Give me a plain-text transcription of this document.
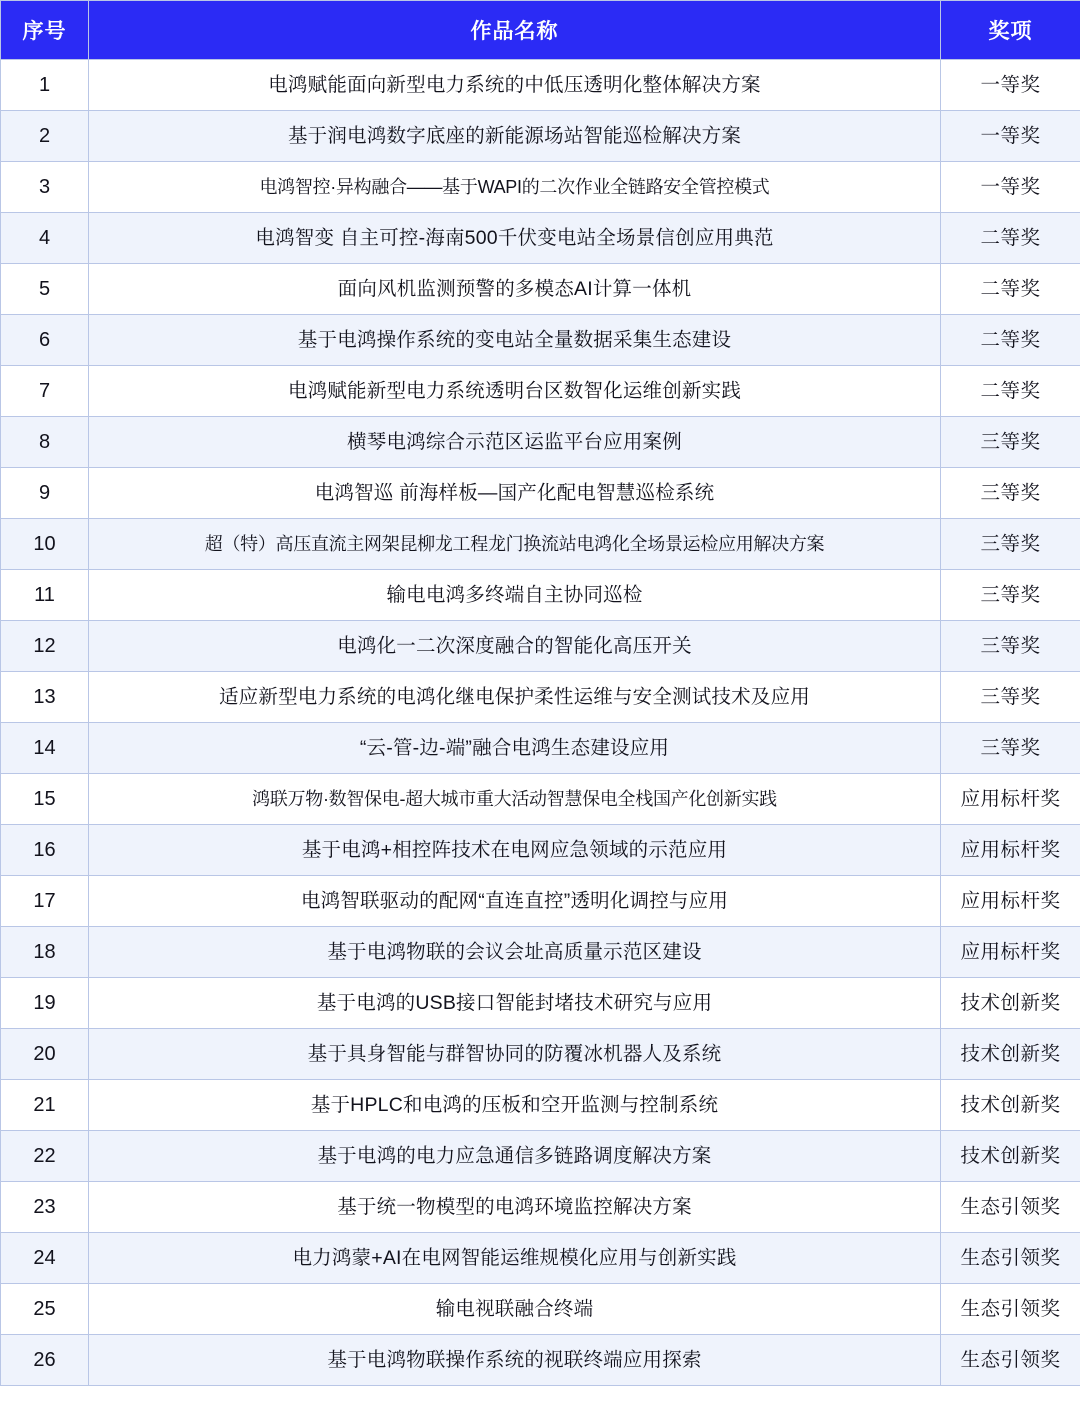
序号	作品名称	奖项
1	电鸿赋能面向新型电力系统的中低压透明化整体解决方案	一等奖
2	基于润电鸿数字底座的新能源场站智能巡检解决方案	一等奖
3	电鸿智控·异构融合——基于WAPI的二次作业全链路安全管控模式	一等奖
4	电鸿智变 自主可控-海南500千伏变电站全场景信创应用典范	二等奖
5	面向风机监测预警的多模态AI计算一体机	二等奖
6	基于电鸿操作系统的变电站全量数据采集生态建设	二等奖
7	电鸿赋能新型电力系统透明台区数智化运维创新实践	二等奖
8	横琴电鸿综合示范区运监平台应用案例	三等奖
9	电鸿智巡 前海样板—国产化配电智慧巡检系统	三等奖
10	超（特）高压直流主网架昆柳龙工程龙门换流站电鸿化全场景运检应用解决方案	三等奖
11	输电电鸿多终端自主协同巡检	三等奖
12	电鸿化一二次深度融合的智能化高压开关	三等奖
13	适应新型电力系统的电鸿化继电保护柔性运维与安全测试技术及应用	三等奖
14	“云-管-边-端”融合电鸿生态建设应用	三等奖
15	鸿联万物·数智保电-超大城市重大活动智慧保电全栈国产化创新实践	应用标杆奖
16	基于电鸿+相控阵技术在电网应急领域的示范应用	应用标杆奖
17	电鸿智联驱动的配网“直连直控”透明化调控与应用	应用标杆奖
18	基于电鸿物联的会议会址高质量示范区建设	应用标杆奖
19	基于电鸿的USB接口智能封堵技术研究与应用	技术创新奖
20	基于具身智能与群智协同的防覆冰机器人及系统	技术创新奖
21	基于HPLC和电鸿的压板和空开监测与控制系统	技术创新奖
22	基于电鸿的电力应急通信多链路调度解决方案	技术创新奖
23	基于统一物模型的电鸿环境监控解决方案	生态引领奖
24	电力鸿蒙+AI在电网智能运维规模化应用与创新实践	生态引领奖
25	输电视联融合终端	生态引领奖
26	基于电鸿物联操作系统的视联终端应用探索	生态引领奖
